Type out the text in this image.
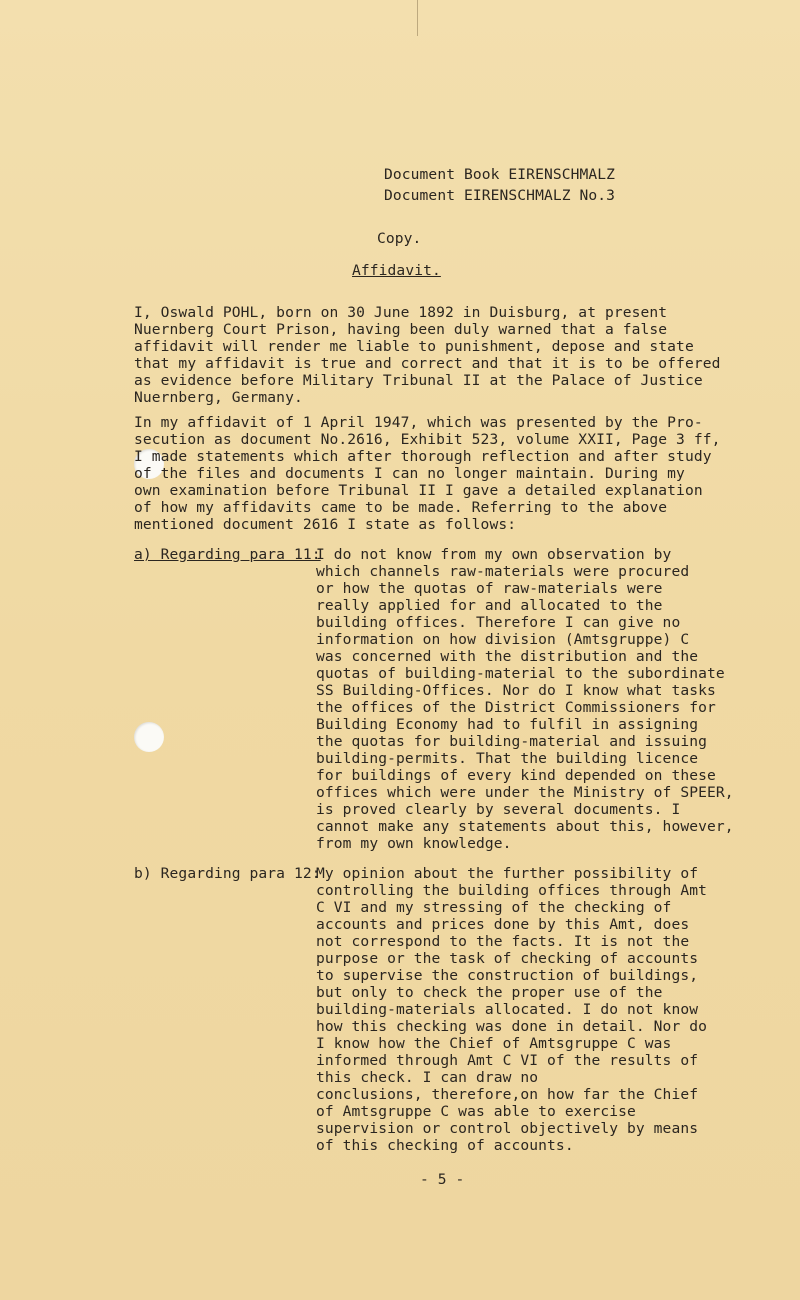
Document Book EIRENSCHMALZ
Document EIRENSCHMALZ No.3
Copy.
Affidavit.
I, Oswald POHL, born on 30 June 1892 in Duisburg, at present
Nuernberg Court Prison, having been duly warned that a false
affidavit will render me liable to punishment, depose and state
that my affidavit is true and correct and that it is to be offered
as evidence before Military Tribunal II at the Palace of Justice
Nuernberg, Germany.
In my affidavit of 1 April 1947, which was presented by the Pro-
secution as document No.2616, Exhibit 523, volume XXII, Page 3 ff,
I made statements which after thorough reflection and after study
of the files and documents I can no longer maintain. During my
own examination before Tribunal II I gave a detailed explanation
of how my affidavits came to be made. Referring to the above
mentioned document 2616 I state as follows:
a) Regarding para 11:
I do not know from my own observation by
which channels raw-materials were procured
or how the quotas of raw-materials were
really applied for and allocated to the
building offices. Therefore I can give no
information on how division (Amtsgruppe) C
was concerned with the distribution and the
quotas of building-material to the subordinate
SS Building-Offices. Nor do I know what tasks
the offices of the District Commissioners for
Building Economy had to fulfil in assigning
the quotas for building-material and issuing
building-permits. That the building licence
for buildings of every kind depended on these
offices which were under the Ministry of SPEER,
is proved clearly by several documents. I
cannot make any statements about this, however,
from my own knowledge.
b) Regarding para 12:
My opinion about the further possibility of
controlling the building offices through Amt
C VI and my stressing of the checking of
accounts and prices done by this Amt, does
not correspond to the facts. It is not the
purpose or the task of checking of accounts
to supervise the construction of buildings,
but only to check the proper use of the
building-materials allocated. I do not know
how this checking was done in detail. Nor do
I know how the Chief of Amtsgruppe C was
informed through Amt C VI of the results of
this check. I can draw no
conclusions, therefore,on how far the Chief
of Amtsgruppe C was able to exercise
supervision or control objectively by means
of this checking of accounts.
- 5 -
